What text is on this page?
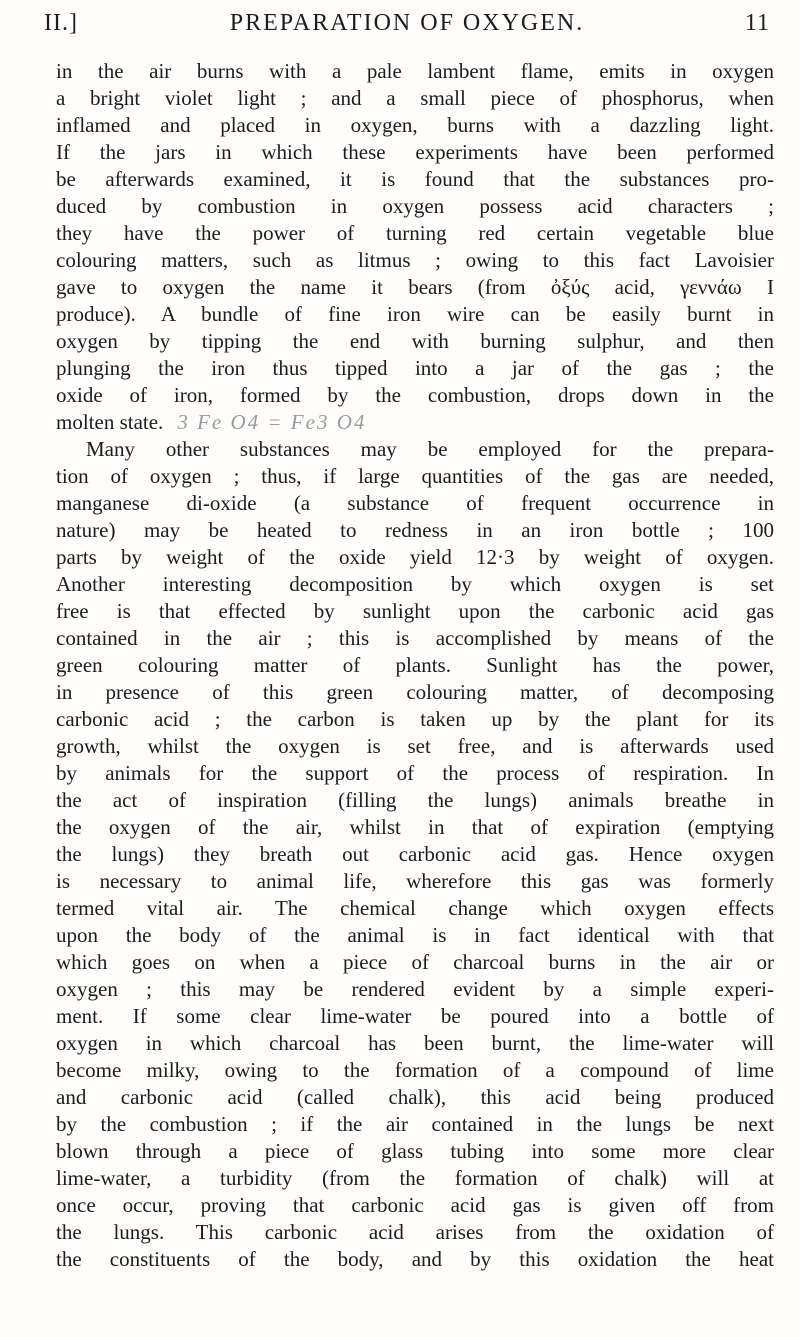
II.]	PREPARATION OF OXYGEN.	11
in the air burns with a pale lambent flame, emits in oxygen
a bright violet light ; and a small piece of phosphorus, when
inflamed and placed in oxygen, burns with a dazzling light.
If the jars in which these experiments have been performed
be afterwards examined, it is found that the substances pro-
duced by combustion in oxygen possess acid characters ;
they have the power of turning red certain vegetable blue
colouring matters, such as litmus ; owing to this fact Lavoisier
gave to oxygen the name it bears (from ὀξύς acid, γεννάω I
produce). A bundle of fine iron wire can be easily burnt in
oxygen by tipping the end with burning sulphur, and then
plunging the iron thus tipped into a jar of the gas ; the
oxide of iron, formed by the combustion, drops down in the
molten state. 3 Fe O4 = Fe3 O4
Many other substances may be employed for the prepara-
tion of oxygen ; thus, if large quantities of the gas are needed,
manganese di-oxide (a substance of frequent occurrence in
nature) may be heated to redness in an iron bottle ; 100
parts by weight of the oxide yield 12·3 by weight of oxygen.
Another interesting decomposition by which oxygen is set
free is that effected by sunlight upon the carbonic acid gas
contained in the air ; this is accomplished by means of the
green colouring matter of plants. Sunlight has the power,
in presence of this green colouring matter, of decomposing
carbonic acid ; the carbon is taken up by the plant for its
growth, whilst the oxygen is set free, and is afterwards used
by animals for the support of the process of respiration. In
the act of inspiration (filling the lungs) animals breathe in
the oxygen of the air, whilst in that of expiration (emptying
the lungs) they breath out carbonic acid gas. Hence oxygen
is necessary to animal life, wherefore this gas was formerly
termed vital air. The chemical change which oxygen effects
upon the body of the animal is in fact identical with that
which goes on when a piece of charcoal burns in the air or
oxygen ; this may be rendered evident by a simple experi-
ment. If some clear lime-water be poured into a bottle of
oxygen in which charcoal has been burnt, the lime-water will
become milky, owing to the formation of a compound of lime
and carbonic acid (called chalk), this acid being produced
by the combustion ; if the air contained in the lungs be next
blown through a piece of glass tubing into some more clear
lime-water, a turbidity (from the formation of chalk) will at
once occur, proving that carbonic acid gas is given off from
the lungs. This carbonic acid arises from the oxidation of
the constituents of the body, and by this oxidation the heat
